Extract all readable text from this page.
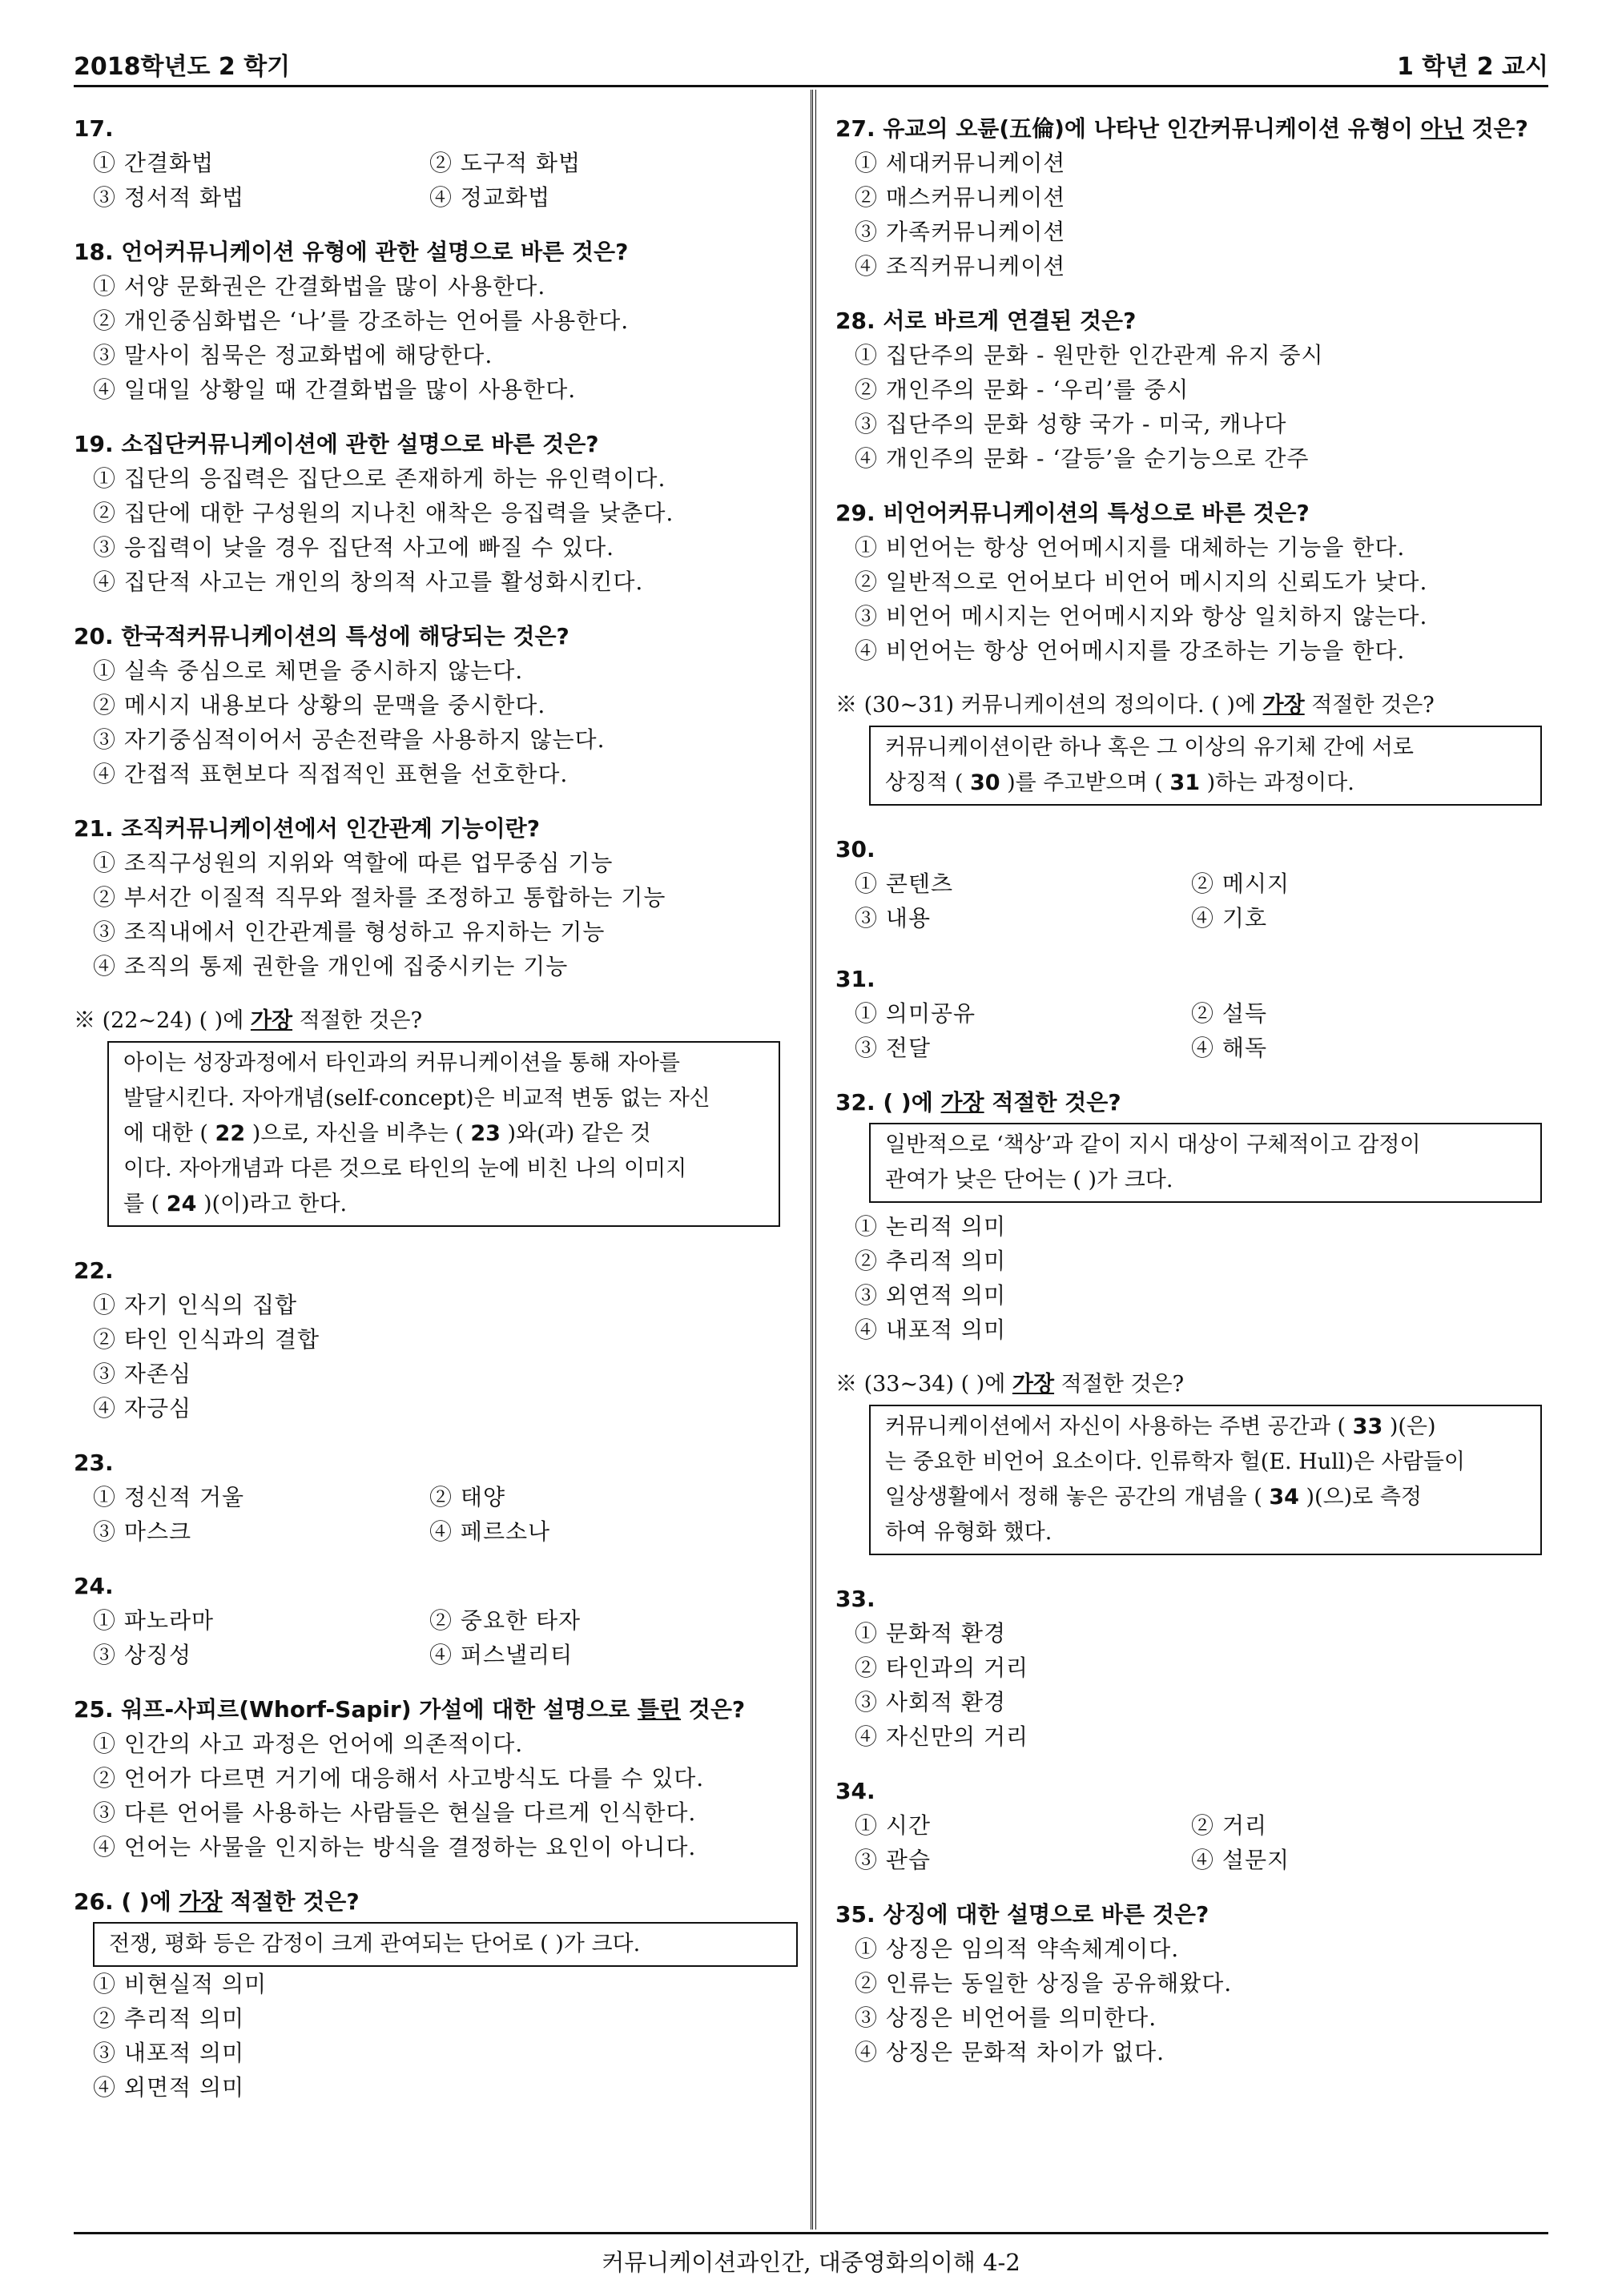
2018학년도 2 학기	1 학년 2 교시

17.

① 간결화법	② 도구적 화법
③ 정서적 화법	④ 정교화법

18. 언어커뮤니케이션 유형에 관한 설명으로 바른 것은?

① 서양 문화권은 간결화법을 많이 사용한다.
② 개인중심화법은 ‘나’를 강조하는 언어를 사용한다.
③ 말사이 침묵은 정교화법에 해당한다.
④ 일대일 상황일 때 간결화법을 많이 사용한다.

19. 소집단커뮤니케이션에 관한 설명으로 바른 것은?

① 집단의 응집력은 집단으로 존재하게 하는 유인력이다.
② 집단에 대한 구성원의 지나친 애착은 응집력을 낮춘다.
③ 응집력이 낮을 경우 집단적 사고에 빠질 수 있다.
④ 집단적 사고는 개인의 창의적 사고를 활성화시킨다.

20. 한국적커뮤니케이션의 특성에 해당되는 것은?

① 실속 중심으로 체면을 중시하지 않는다.
② 메시지 내용보다 상황의 문맥을 중시한다.
③ 자기중심적이어서 공손전략을 사용하지 않는다.
④ 간접적 표현보다 직접적인 표현을 선호한다.

21. 조직커뮤니케이션에서 인간관계 기능이란?

① 조직구성원의 지위와 역할에 따른 업무중심 기능
② 부서간 이질적 직무와 절차를 조정하고 통합하는 기능
③ 조직내에서 인간관계를 형성하고 유지하는 기능
④ 조직의 통제 권한을 개인에 집중시키는 기능
※ (22~24) ( )에 가장 적절한 것은?
아이는 성장과정에서 타인과의 커뮤니케이션을 통해 자아를
발달시킨다. 자아개념(self-concept)은 비교적 변동 없는 자신
에 대한 ( 22 )으로, 자신을 비추는 ( 23 )와(과) 같은 것
이다. 자아개념과 다른 것으로 타인의 눈에 비친 나의 이미지
를 ( 24 )(이)라고 한다.

22.

① 자기 인식의 집합
② 타인 인식과의 결합
③ 자존심
④ 자긍심

23.

① 정신적 거울	② 태양
③ 마스크	④ 페르소나

24.

① 파노라마	② 중요한 타자
③ 상징성	④ 퍼스낼리티

25. 워프-사피르(Whorf-Sapir) 가설에 대한 설명으로 틀린 것은?

① 인간의 사고 과정은 언어에 의존적이다.
② 언어가 다르면 거기에 대응해서 사고방식도 다를 수 있다.
③ 다른 언어를 사용하는 사람들은 현실을 다르게 인식한다.
④ 언어는 사물을 인지하는 방식을 결정하는 요인이 아니다.

26. ( )에 가장 적절한 것은?

전쟁, 평화 등은 감정이 크게 관여되는 단어로 ( )가 크다.
① 비현실적 의미
② 추리적 의미
③ 내포적 의미
④ 외면적 의미

27. 유교의 오륜(五倫)에 나타난 인간커뮤니케이션 유형이 아닌 것은?

① 세대커뮤니케이션
② 매스커뮤니케이션
③ 가족커뮤니케이션
④ 조직커뮤니케이션

28. 서로 바르게 연결된 것은?

① 집단주의 문화 - 원만한 인간관계 유지 중시
② 개인주의 문화 - ‘우리’를 중시
③ 집단주의 문화 성향 국가 - 미국, 캐나다
④ 개인주의 문화 - ‘갈등’을 순기능으로 간주

29. 비언어커뮤니케이션의 특성으로 바른 것은?

① 비언어는 항상 언어메시지를 대체하는 기능을 한다.
② 일반적으로 언어보다 비언어 메시지의 신뢰도가 낮다.
③ 비언어 메시지는 언어메시지와 항상 일치하지 않는다.
④ 비언어는 항상 언어메시지를 강조하는 기능을 한다.
※ (30~31) 커뮤니케이션의 정의이다. ( )에 가장 적절한 것은?
커뮤니케이션이란 하나 혹은 그 이상의 유기체 간에 서로
상징적 ( 30 )를 주고받으며 ( 31 )하는 과정이다.

30.

① 콘텐츠	② 메시지
③ 내용	④ 기호

31.

① 의미공유	② 설득
③ 전달	④ 해독

32. ( )에 가장 적절한 것은?

일반적으로 ‘책상’과 같이 지시 대상이 구체적이고 감정이
관여가 낮은 단어는 ( )가 크다.
① 논리적 의미
② 추리적 의미
③ 외연적 의미
④ 내포적 의미
※ (33~34) ( )에 가장 적절한 것은?
커뮤니케이션에서 자신이 사용하는 주변 공간과 ( 33 )(은)
는 중요한 비언어 요소이다. 인류학자 헐(E. Hull)은 사람들이
일상생활에서 정해 놓은 공간의 개념을 ( 34 )(으)로 측정
하여 유형화 했다.

33.

① 문화적 환경
② 타인과의 거리
③ 사회적 환경
④ 자신만의 거리

34.

① 시간	② 거리
③ 관습	④ 설문지

35. 상징에 대한 설명으로 바른 것은?

① 상징은 임의적 약속체계이다.
② 인류는 동일한 상징을 공유해왔다.
③ 상징은 비언어를 의미한다.
④ 상징은 문화적 차이가 없다.
커뮤니케이션과인간, 대중영화의이해 4-2
